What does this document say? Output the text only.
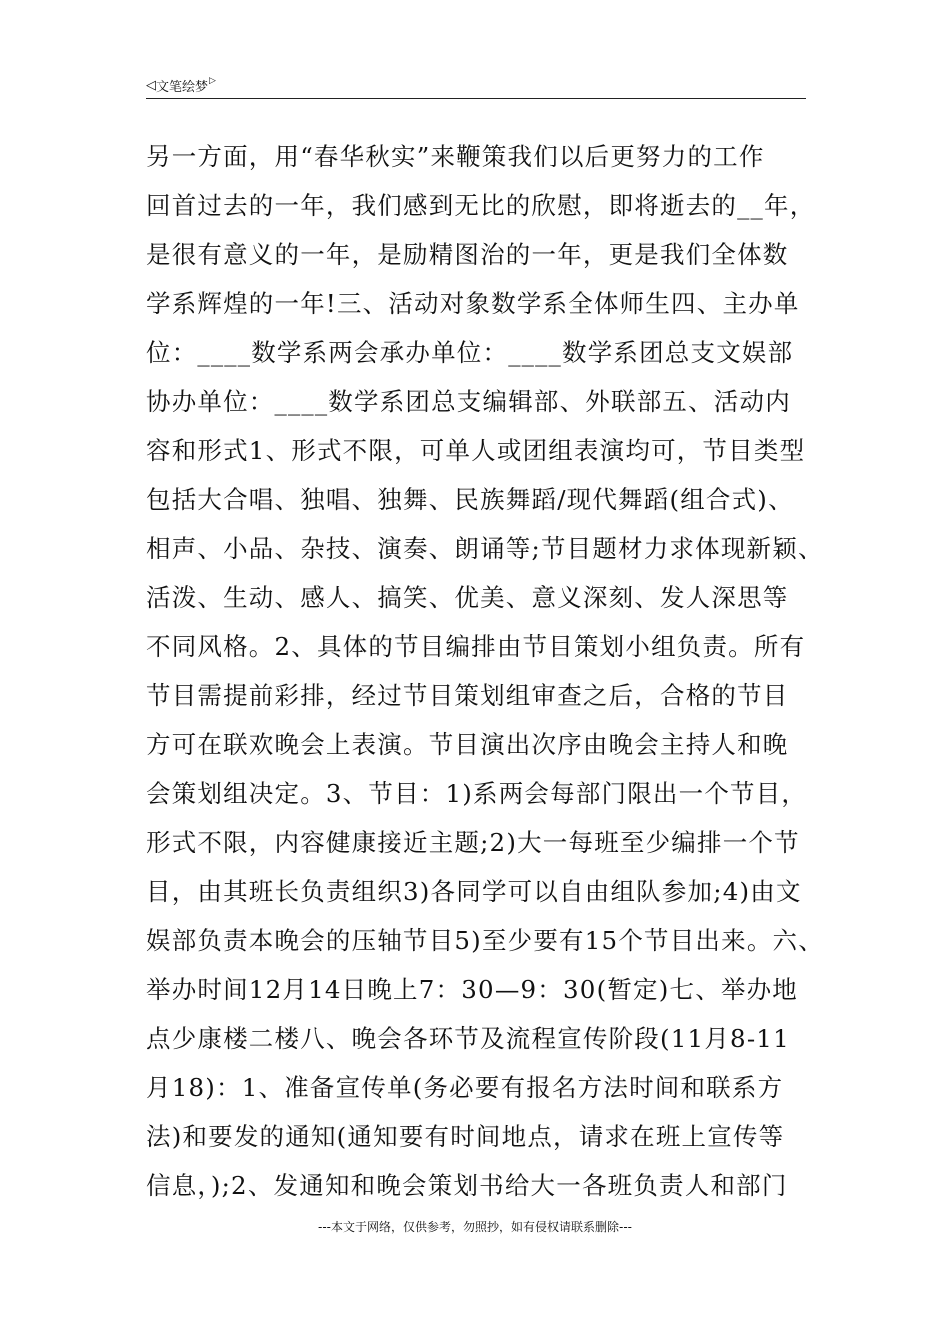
◁ 文笔绘梦 ▷
另一方面，用“春华秋实”来鞭策我们以后更努力的工作
回首过去的一年，我们感到无比的欣慰，即将逝去的__年，
是很有意义的一年，是励精图治的一年，更是我们全体数
学系辉煌的一年!三、活动对象数学系全体师生四、主办单
位：____数学系两会承办单位：____数学系团总支文娱部
协办单位：____数学系团总支编辑部、外联部五、活动内
容和形式1、形式不限，可单人或团组表演均可，节目类型
包括大合唱、独唱、独舞、民族舞蹈/现代舞蹈(组合式)、
相声、小品、杂技、演奏、朗诵等;节目题材力求体现新颖、
活泼、生动、感人、搞笑、优美、意义深刻、发人深思等
不同风格。2、具体的节目编排由节目策划小组负责。所有
节目需提前彩排，经过节目策划组审查之后，合格的节目
方可在联欢晚会上表演。节目演出次序由晚会主持人和晚
会策划组决定。3、节目：1)系两会每部门限出一个节目，
形式不限，内容健康接近主题;2)大一每班至少编排一个节
目，由其班长负责组织3)各同学可以自由组队参加;4)由文
娱部负责本晚会的压轴节目5)至少要有15个节目出来。六、
举办时间12月14日晚上7：30—9：30(暂定)七、举办地
点少康楼二楼八、晚会各环节及流程宣传阶段(11月8-11
月18)：1、准备宣传单(务必要有报名方法时间和联系方
法)和要发的通知(通知要有时间地点，请求在班上宣传等
信息，);2、发通知和晚会策划书给大一各班负责人和部门
---本文于网络，仅供参考，勿照抄，如有侵权请联系删除---
